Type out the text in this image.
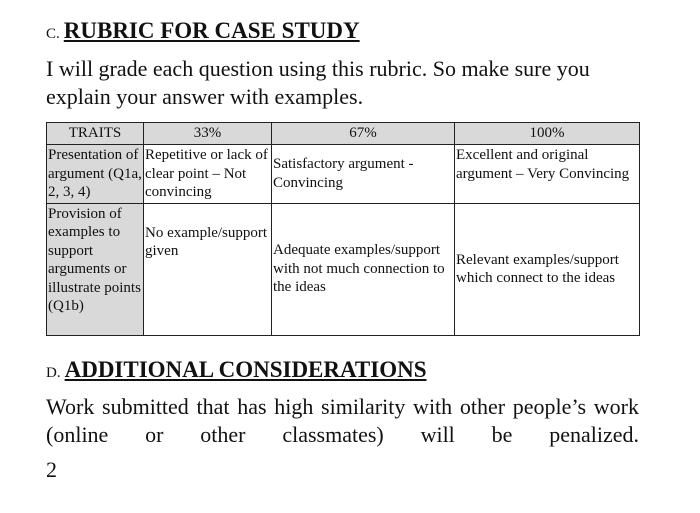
C. RUBRIC FOR CASE STUDY

I will grade each question using this rubric. So make sure you explain your answer with examples.

TRAITS	33%	67%	100%
Presentation of argument (Q1a, 2, 3, 4)	Repetitive or lack of clear point – Not convincing	Satisfactory argument - Convincing	Excellent and original argument – Very Convincing
Provision of examples to support arguments or illustrate points (Q1b)	No example/support given	Adequate examples/support with not much connection to the ideas	Relevant examples/support which connect to the ideas
D. ADDITIONAL CONSIDERATIONS

Work submitted that has high similarity with other people’s work (online or other classmates) will be penalized.

2
